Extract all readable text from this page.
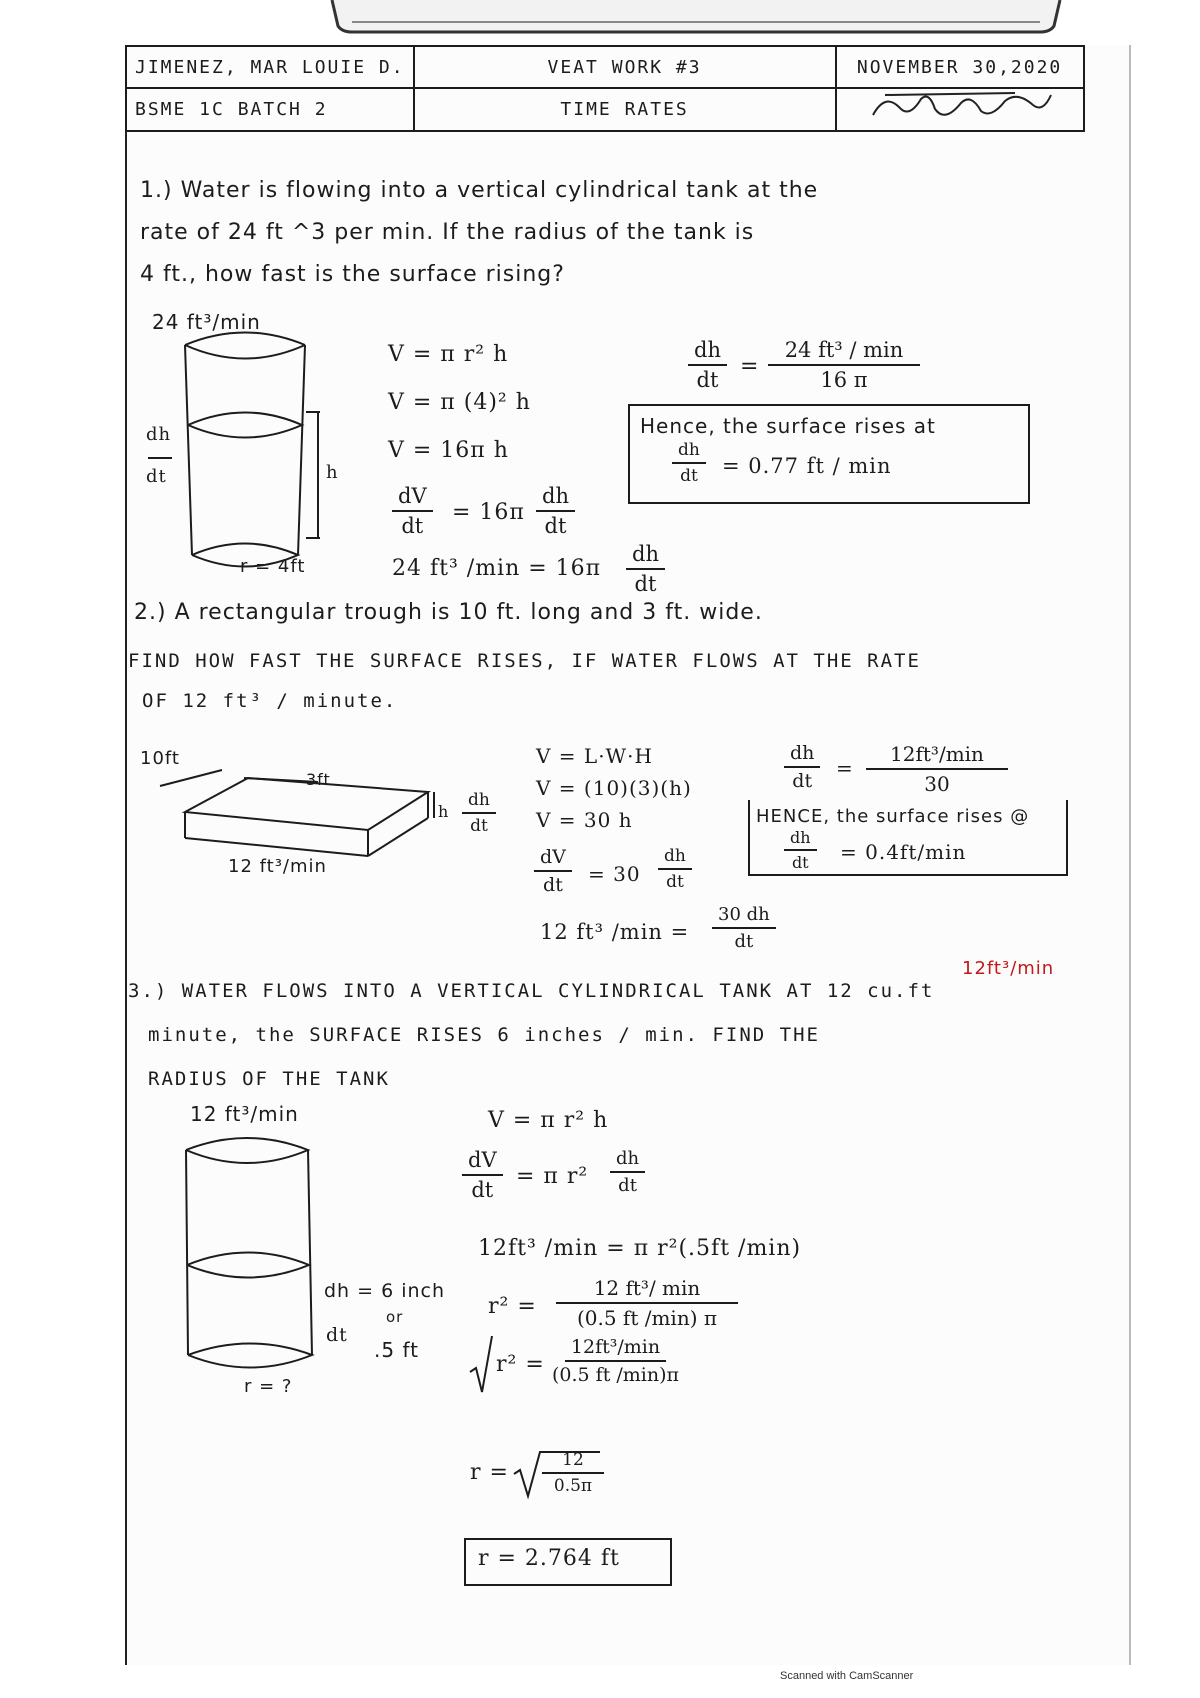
JIMENEZ, MAR LOUIE D.	VEAT WORK #3	NOVEMBER 30,2020
BSME 1C BATCH 2	TIME RATES	
1.) Water is flowing into a vertical cylindrical tank at the
rate of 24 ft ^3 per min. If the radius of the tank is
4 ft., how fast is the surface rising?
24 ft³/min
dh
dt	h
r = 4ft
V = π r² h
V = π (4)² h
V = 16π h
$\frac{dV}{dt} = 16\pi \frac{dh}{dt}$
24 ft³ $/\min = 16\pi \frac{dh}{dt}$
$\frac{dh}{dt}$ =
24 ft³ / min
16 π
Hence, the surface rises at
$\frac{dh}{dt} = 0.77$ ft / min
2.) A rectangular trough is 10 ft. long and 3 ft. wide.
FIND HOW FAST THE SURFACE RISES, IF WATER FLOWS AT THE RATE
OF 12 ft³ / minute.
10ft
3ft
12 ft³/min
h $\frac{dh}{dt}$
V = L·W·H
V = (10)(3)(h)
V = 30 h
$\frac{dV}{dt} = 30 \frac{dh}{dt}$
12 ft³ $/\min = \frac{30 dh}{dt}$
$\frac{dh}{dt}$ =
12ft³/min
30
HENCE, the surface rises @
$\frac{dh}{dt} = 0.4ft/\min$
12ft³/min
3.) WATER FLOWS INTO A VERTICAL CYLINDRICAL TANK AT 12 cu.ft
minute, the SURFACE RISES 6 inches / min. FIND THE
RADIUS OF THE TANK
12 ft³/min
dh = 6 inch
or
dt
.5 ft
r = ?
V = π r² h
$\frac{dV}{dt} = \pi$ $r^2 \frac{dh}{dt}$
12ft³ /min = π r²(.5ft /min)
r² =
12 ft³/ min
(0.5 ft /min) π
r² =
12ft³/min
(0.5 ft /min)π
$r = \frac{12}{0.5\pi}$
r = 2.764 ft
Scanned with CamScanner
